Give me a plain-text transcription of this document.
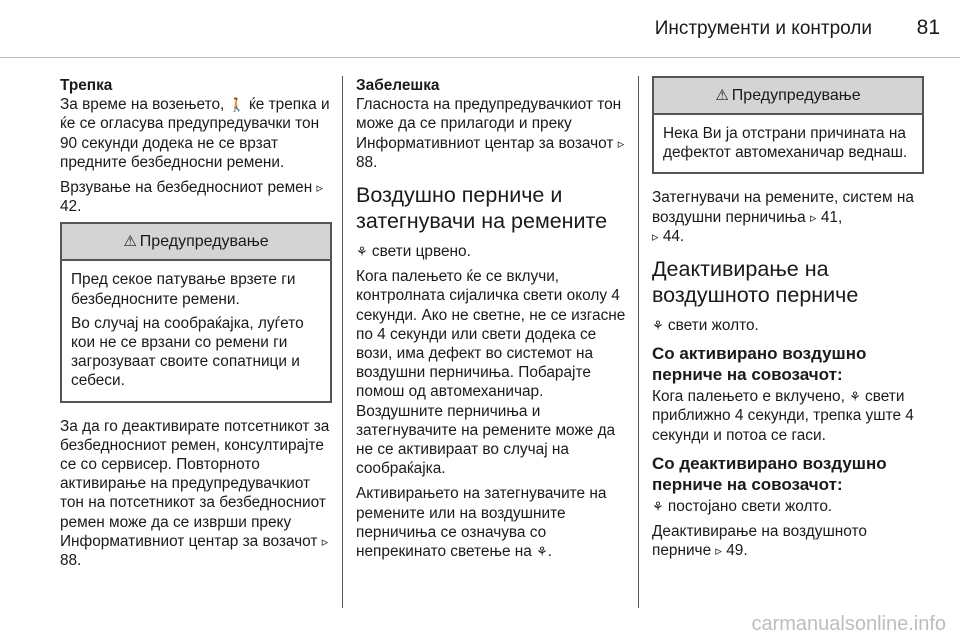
Инструменти и контроли 81
Трепка

За време на возењето, 🚶 ќе трепка и ќе се огласува предупредувачки тон 90 секунди додека не се врзат предните безбедносни ремени.

Врзување на безбедносниот ремен ▹ 42.

⚠ Предупредување

Пред секое патување врзете ги безбедносните ремени.

Во случај на сообраќајка, луѓето кои не се врзани со ремени ги загрозуваат своите сопатници и себеси.

За да го деактивирате потсетникот за безбедносниот ремен, консултирајте се со сервисер. Повторното активирање на предупредувачкиот тон на потсетникот за безбедносниот ремен може да се изврши преку Информативниот центар за возачот ▹ 88.

Забелешка

Гласноста на предупредувачкиот тон може да се прилагоди и преку Информативниот центар за возачот ▹ 88.

Воздушно перниче и затегнувачи на ремените

⚘ свети црвено.

Кога палењето ќе се вклучи, контролната сијаличка свети околу 4 секунди. Ако не светне, не се изгасне по 4 секунди или свети додека се вози, има дефект во системот на воздушни перничиња. Побарајте помош од автомеханичар. Воздушните перничиња и затегнувачите на ремените може да не се активираат во случај на сообраќајка.

Активирањето на затегнувачите на ремените или на воздушните перничиња се означува со непрекинато светење на ⚘.

⚠ Предупредување

Нека Ви ја отстрани причината на дефектот автомеханичар веднаш.

Затегнувачи на ремените, систем на воздушни перничиња ▹ 41,
▹ 44.

Деактивирање на воздушното перниче

⚘ свети жолто.

Со активирано воздушно перниче на совозачот:

Кога палењето е вклучено, ⚘ свети приближно 4 секунди, трепка уште 4 секунди и потоа се гаси.

Со деактивирано воздушно перниче на совозачот:

⚘ постојано свети жолто.

Деактивирање на воздушното перниче ▹ 49.

carmanualsonline.info
